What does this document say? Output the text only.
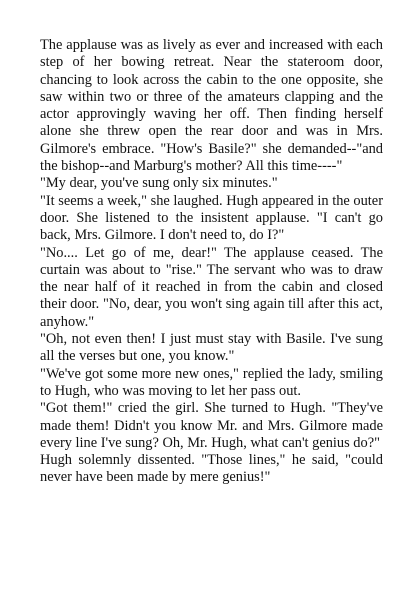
The applause was as lively as ever and increased with each step of her bowing retreat. Near the stateroom door, chancing to look across the cabin to the one opposite, she saw within two or three of the amateurs clapping and the actor approvingly waving her off. Then finding herself alone she threw open the rear door and was in Mrs. Gilmore's embrace. "How's Basile?" she demanded--"and the bishop--and Marburg's mother? All this time----"

"My dear, you've sung only six minutes."

"It seems a week," she laughed. Hugh appeared in the outer door. She listened to the insistent applause. "I can't go back, Mrs. Gilmore. I don't need to, do I?"

"No.... Let go of me, dear!" The applause ceased. The curtain was about to "rise." The servant who was to draw the near half of it reached in from the cabin and closed their door. "No, dear, you won't sing again till after this act, anyhow."

"Oh, not even then! I just must stay with Basile. I've sung all the verses but one, you know."

"We've got some more new ones," replied the lady, smiling to Hugh, who was moving to let her pass out.

"Got them!" cried the girl. She turned to Hugh. "They've made them! Didn't you know Mr. and Mrs. Gilmore made every line I've sung? Oh, Mr. Hugh, what can't genius do?"

Hugh solemnly dissented. "Those lines," he said, "could never have been made by mere genius!"
